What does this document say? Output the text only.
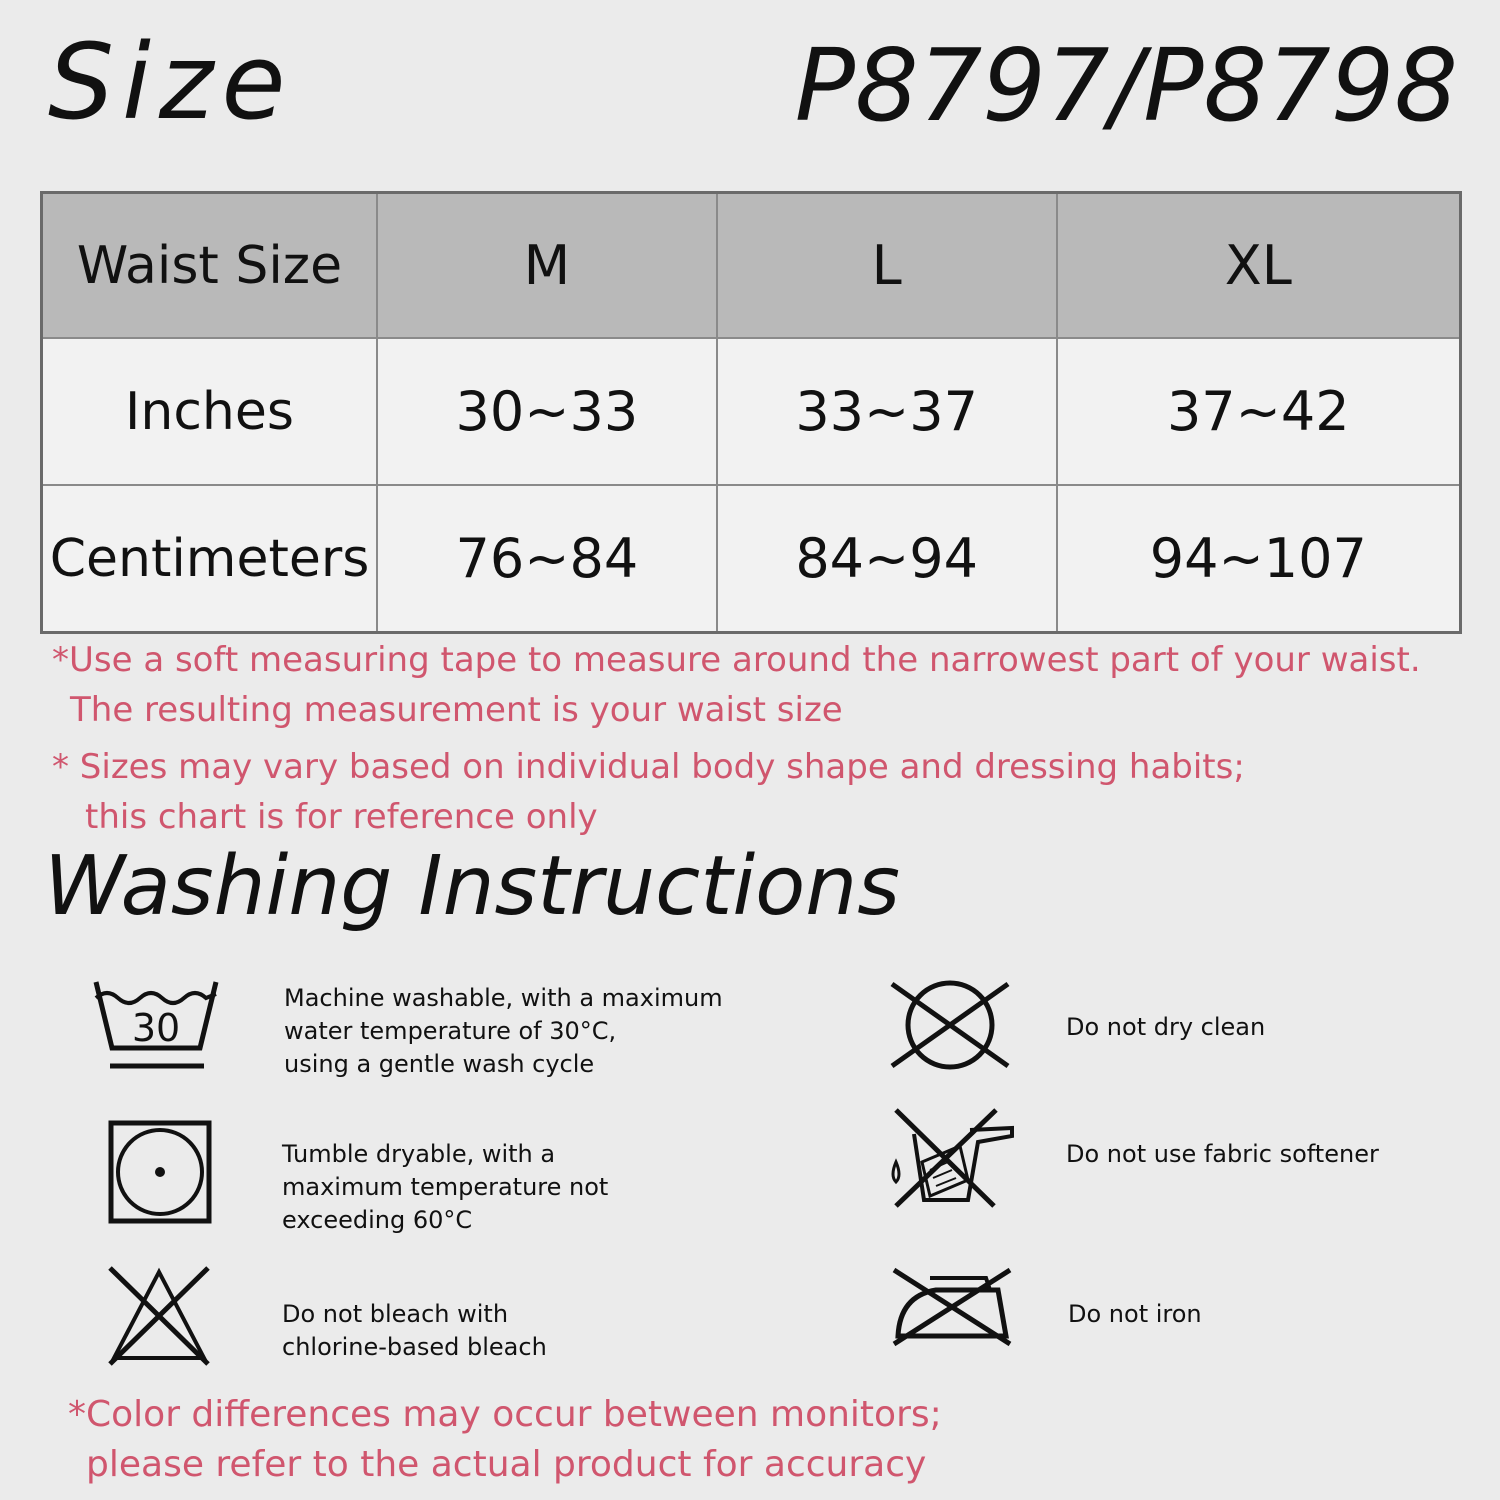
Size	P8797/P8798
Waist Size	M	L	XL
Inches	30~33	33~37	37~42
Centimeters	76~84	84~94	94~107
*Use a soft measuring tape to measure around the narrowest part of your waist.
The resulting measurement is your waist size
* Sizes may vary based on individual body shape and dressing habits;
this chart is for reference only
Washing Instructions
30
Machine washable, with a maximum
water temperature of 30°C,
using a gentle wash cycle
Tumble dryable, with a
maximum temperature not
exceeding 60°C
Do not bleach with
chlorine-based bleach
Do not dry clean
Do not use fabric softener
Do not iron
*Color differences may occur between monitors;
please refer to the actual product for accuracy
